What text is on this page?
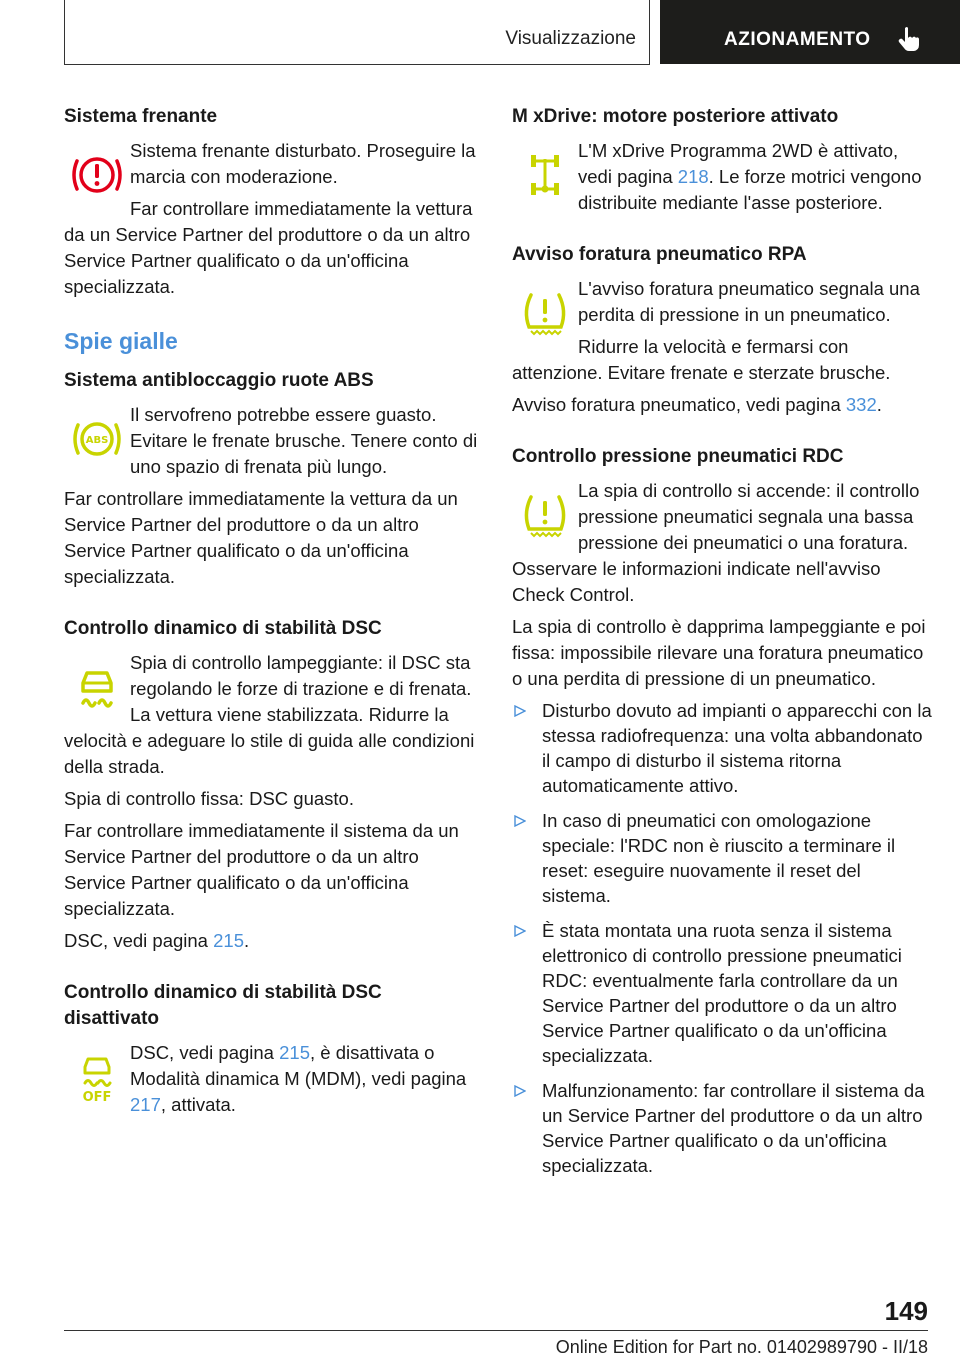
Visualizzazione	AZIONAMENTO
Sistema frenante
Sistema frenante disturbato. Proseguire la marcia con moderazione.
Far controllare immediatamente la vettura da un Service Partner del produttore o da un altro Service Partner qualificato o da un'officina specializzata.
Spie gialle
Sistema antibloccaggio ruote ABS
ABS
Il servofreno potrebbe essere guasto. Evitare le frenate brusche. Tenere conto di uno spazio di frenata più lungo.
Far controllare immediatamente la vettura da un Service Partner del produttore o da un altro Service Partner qualificato o da un'officina specializzata.
Controllo dinamico di stabilità DSC
Spia di controllo lampeggiante: il DSC sta regolando le forze di trazione e di frenata. La vettura viene stabilizzata. Ridurre la velocità e adeguare lo stile di guida alle condizioni della strada.
Spia di controllo fissa: DSC guasto.
Far controllare immediatamente il sistema da un Service Partner del produttore o da un altro Service Partner qualificato o da un'officina specializzata.
DSC, vedi pagina 215.
Controllo dinamico di stabilità DSC disattivato
OFF
DSC, vedi pagina 215, è disattivata o Modalità dinamica M (MDM), vedi pagina 217, attivata.
M xDrive: motore posteriore attivato
L'M xDrive Programma 2WD è attivato, vedi pagina 218. Le forze motrici vengono distribuite mediante l'asse posteriore.
Avviso foratura pneumatico RPA
L'avviso foratura pneumatico segnala una perdita di pressione in un pneumatico.
Ridurre la velocità e fermarsi con attenzione. Evitare frenate e sterzate brusche.
Avviso foratura pneumatico, vedi pagina 332.
Controllo pressione pneumatici RDC
La spia di controllo si accende: il controllo pressione pneumatici segnala una bassa pressione dei pneumatici o una foratura. Osservare le informazioni indicate nell'avviso Check Control.
La spia di controllo è dapprima lampeggiante e poi fissa: impossibile rilevare una foratura pneumatico o una perdita di pressione di un pneumatico.
Disturbo dovuto ad impianti o apparecchi con la stessa radiofrequenza: una volta abbandonato il campo di disturbo il sistema ritorna automaticamente attivo.
In caso di pneumatici con omologazione speciale: l'RDC non è riuscito a terminare il reset: eseguire nuovamente il reset del sistema.
È stata montata una ruota senza il sistema elettronico di controllo pressione pneumatici RDC: eventualmente farla controllare da un Service Partner del produttore o da un altro Service Partner qualificato o da un'officina specializzata.
Malfunzionamento: far controllare il sistema da un Service Partner del produttore o da un altro Service Partner qualificato o da un'officina specializzata.
149
Online Edition for Part no. 01402989790 - II/18
